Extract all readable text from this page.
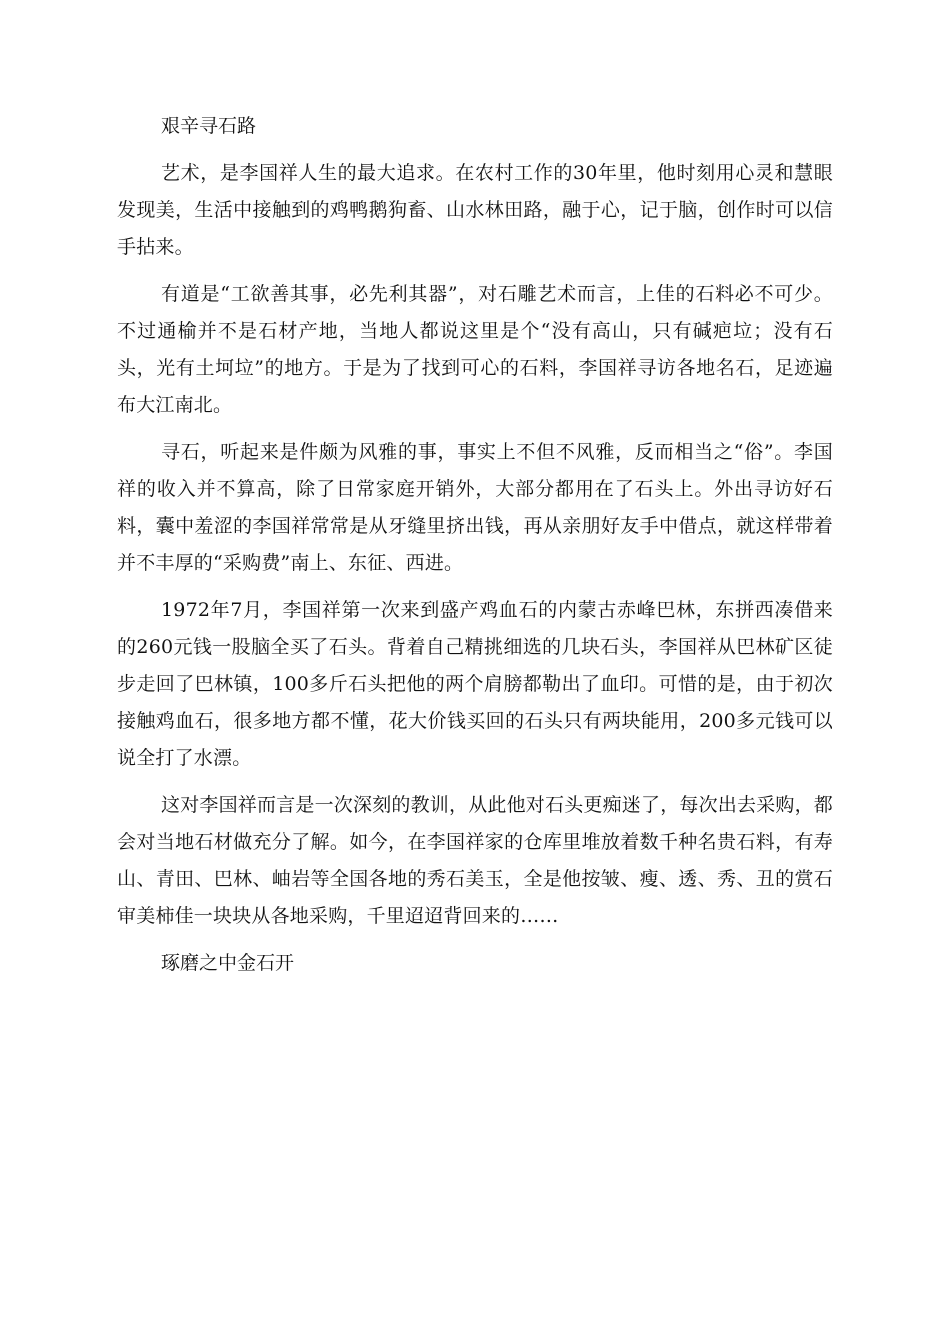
艰辛寻石路

艺术，是李国祥人生的最大追求。在农村工作的30年里，他时刻用心灵和慧眼发现美，生活中接触到的鸡鸭鹅狗畜、山水林田路，融于心，记于脑，创作时可以信手拈来。

有道是“工欲善其事，必先利其器”，对石雕艺术而言，上佳的石料必不可少。不过通榆并不是石材产地，当地人都说这里是个“没有高山，只有碱疤垃；没有石头，光有土坷垃”的地方。于是为了找到可心的石料，李国祥寻访各地名石，足迹遍布大江南北。

寻石，听起来是件颇为风雅的事，事实上不但不风雅，反而相当之“俗”。李国祥的收入并不算高，除了日常家庭开销外，大部分都用在了石头上。外出寻访好石料，囊中羞涩的李国祥常常是从牙缝里挤出钱，再从亲朋好友手中借点，就这样带着并不丰厚的“采购费”南上、东征、西进。

1972年7月，李国祥第一次来到盛产鸡血石的内蒙古赤峰巴林，东拼西凑借来的260元钱一股脑全买了石头。背着自己精挑细选的几块石头，李国祥从巴林矿区徒步走回了巴林镇，100多斤石头把他的两个肩膀都勒出了血印。可惜的是，由于初次接触鸡血石，很多地方都不懂，花大价钱买回的石头只有两块能用，200多元钱可以说全打了水漂。

这对李国祥而言是一次深刻的教训，从此他对石头更痴迷了，每次出去采购，都会对当地石材做充分了解。如今，在李国祥家的仓库里堆放着数千种名贵石料，有寿山、青田、巴林、岫岩等全国各地的秀石美玉，全是他按皱、瘦、透、秀、丑的赏石审美柿佳一块块从各地采购，千里迢迢背回来的……

琢磨之中金石开
